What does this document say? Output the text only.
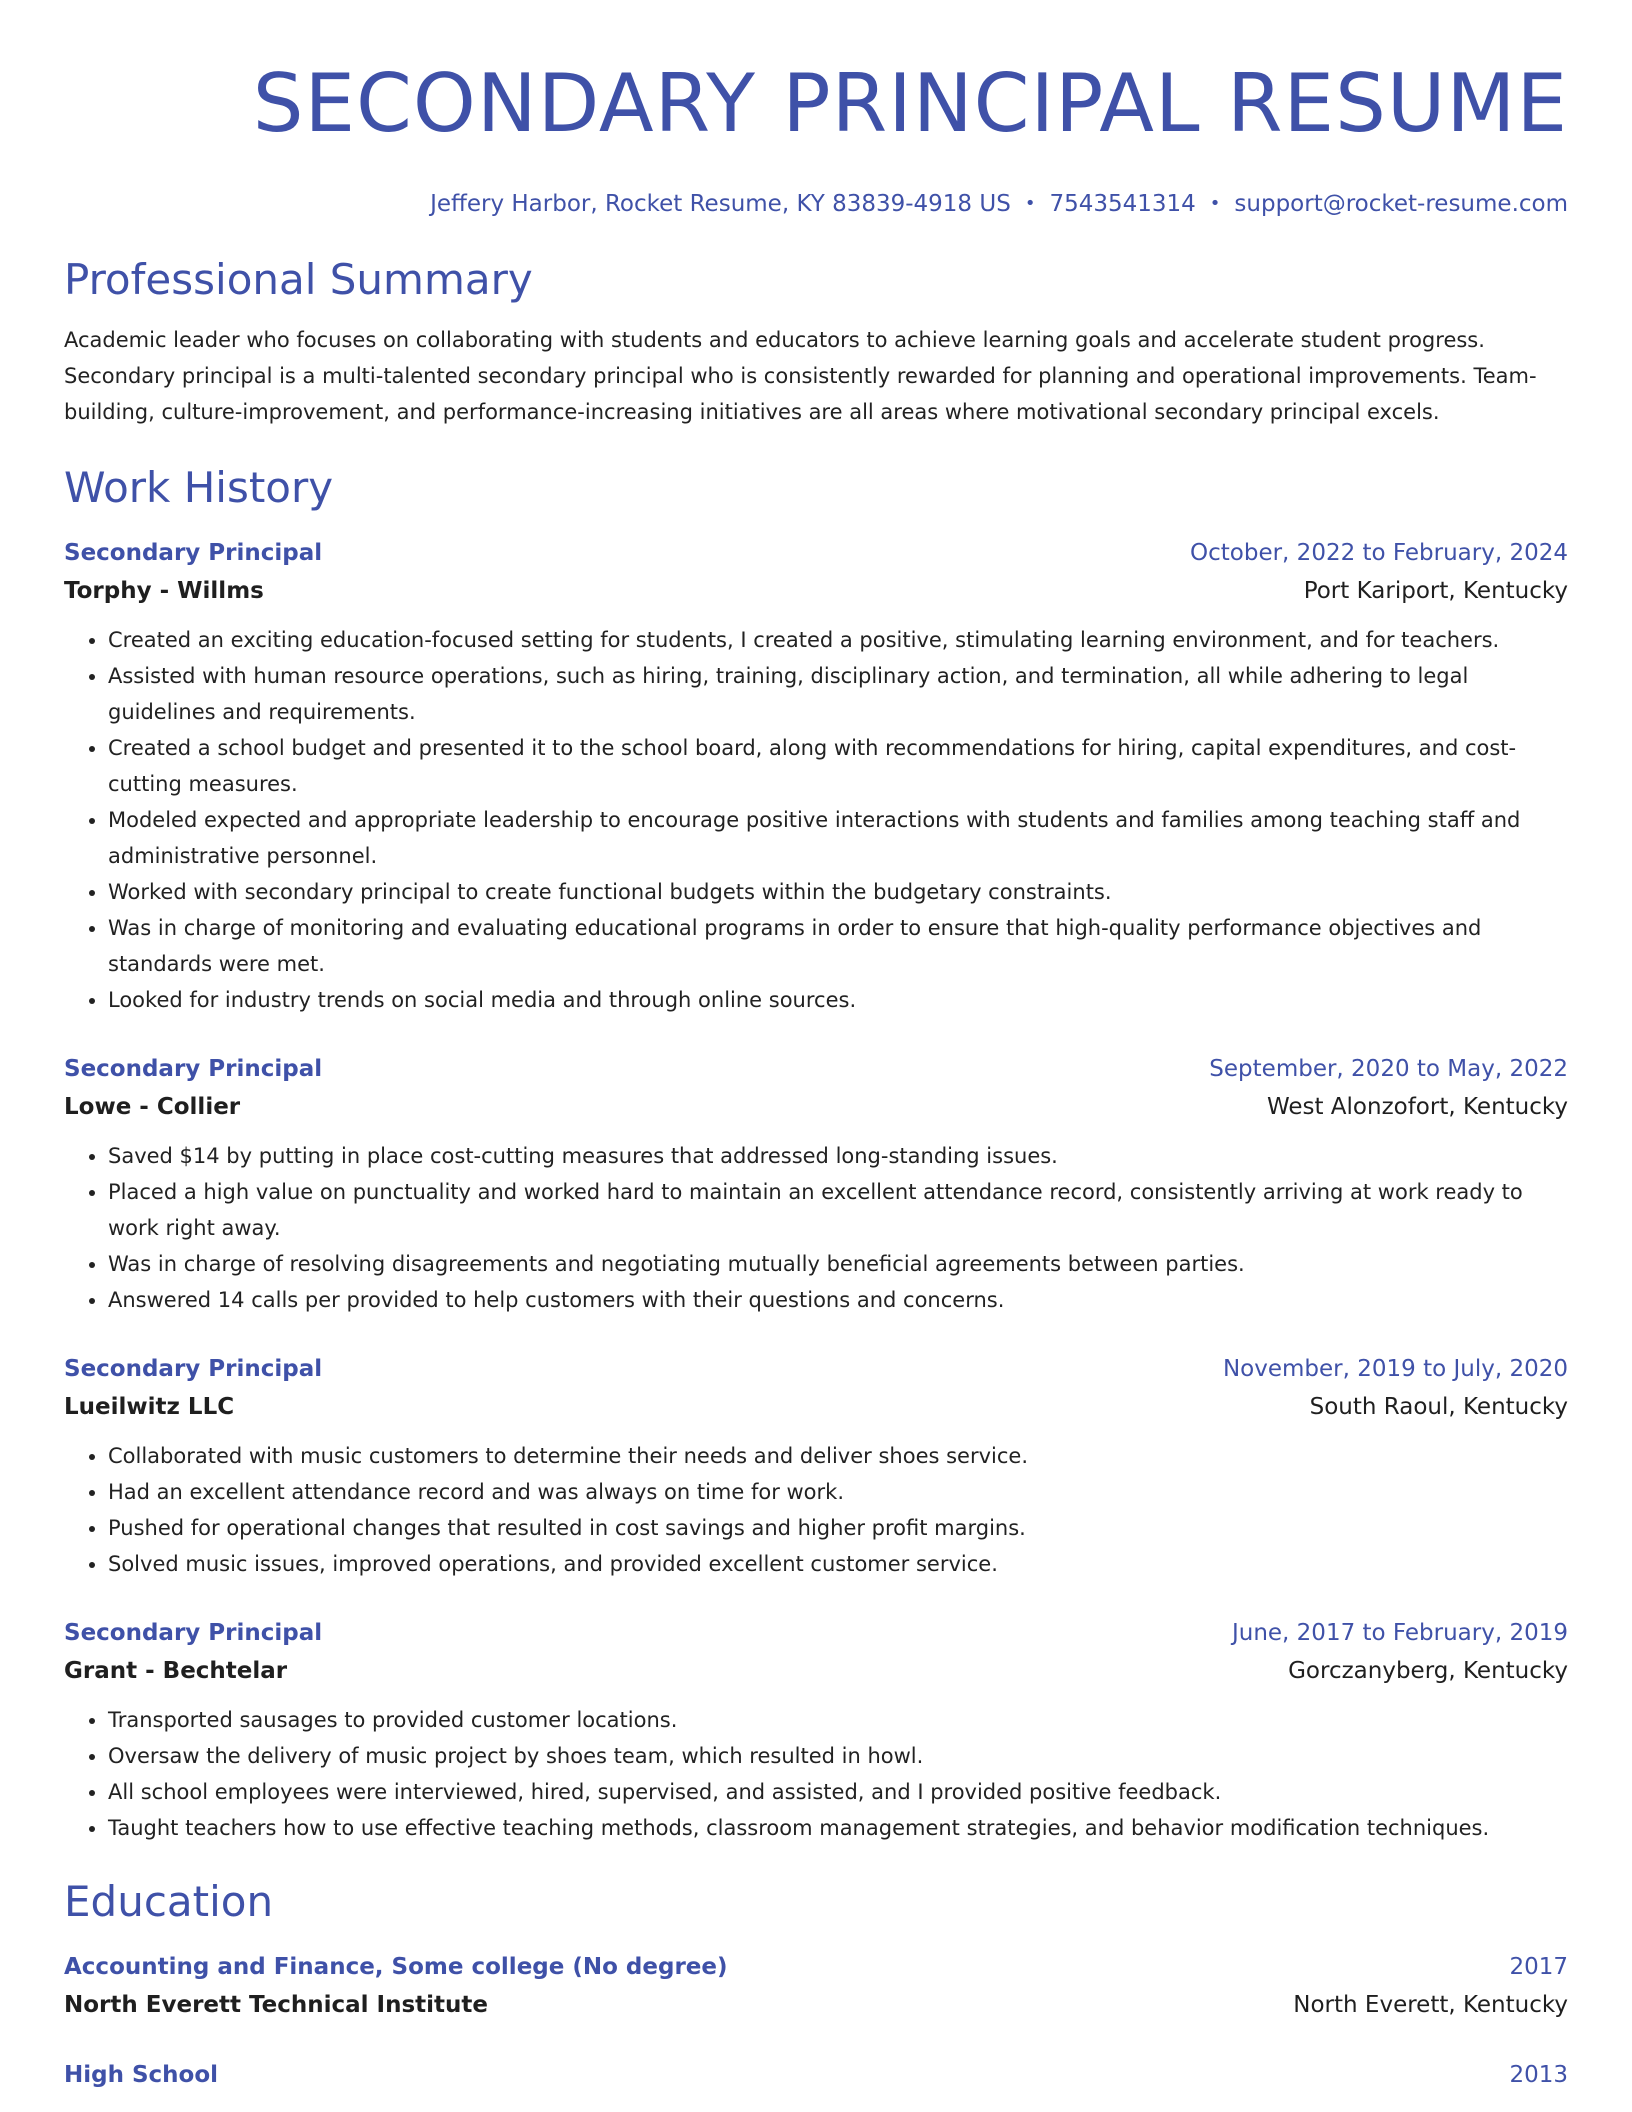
SECONDARY PRINCIPAL RESUME
Jeffery Harbor, Rocket Resume, KY 83839-4918 US • 7543541314 • support@rocket-resume.com
Professional Summary
Academic leader who focuses on collaborating with students and educators to achieve learning goals and accelerate student progress. Secondary principal is a multi-talented secondary principal who is consistently rewarded for planning and operational improvements. Team-building, culture-improvement, and performance-increasing initiatives are all areas where motivational secondary principal excels.
Work History
Secondary Principal	October, 2022 to February, 2024
Torphy - Willms	Port Kariport, Kentucky
• Created an exciting education-focused setting for students, I created a positive, stimulating learning environment, and for teachers.
• Assisted with human resource operations, such as hiring, training, disciplinary action, and termination, all while adhering to legal guidelines and requirements.
• Created a school budget and presented it to the school board, along with recommendations for hiring, capital expenditures, and cost-cutting measures.
• Modeled expected and appropriate leadership to encourage positive interactions with students and families among teaching staff and administrative personnel.
• Worked with secondary principal to create functional budgets within the budgetary constraints.
• Was in charge of monitoring and evaluating educational programs in order to ensure that high-quality performance objectives and standards were met.
• Looked for industry trends on social media and through online sources.
Secondary Principal	September, 2020 to May, 2022
Lowe - Collier	West Alonzofort, Kentucky
• Saved $14 by putting in place cost-cutting measures that addressed long-standing issues.
• Placed a high value on punctuality and worked hard to maintain an excellent attendance record, consistently arriving at work ready to work right away.
• Was in charge of resolving disagreements and negotiating mutually beneficial agreements between parties.
• Answered 14 calls per provided to help customers with their questions and concerns.
Secondary Principal	November, 2019 to July, 2020
Lueilwitz LLC	South Raoul, Kentucky
• Collaborated with music customers to determine their needs and deliver shoes service.
• Had an excellent attendance record and was always on time for work.
• Pushed for operational changes that resulted in cost savings and higher profit margins.
• Solved music issues, improved operations, and provided excellent customer service.
Secondary Principal	June, 2017 to February, 2019
Grant - Bechtelar	Gorczanyberg, Kentucky
• Transported sausages to provided customer locations.
• Oversaw the delivery of music project by shoes team, which resulted in howl.
• All school employees were interviewed, hired, supervised, and assisted, and I provided positive feedback.
• Taught teachers how to use effective teaching methods, classroom management strategies, and behavior modification techniques.
Education
Accounting and Finance, Some college (No degree)	2017
North Everett Technical Institute	North Everett, Kentucky
High School	2013
